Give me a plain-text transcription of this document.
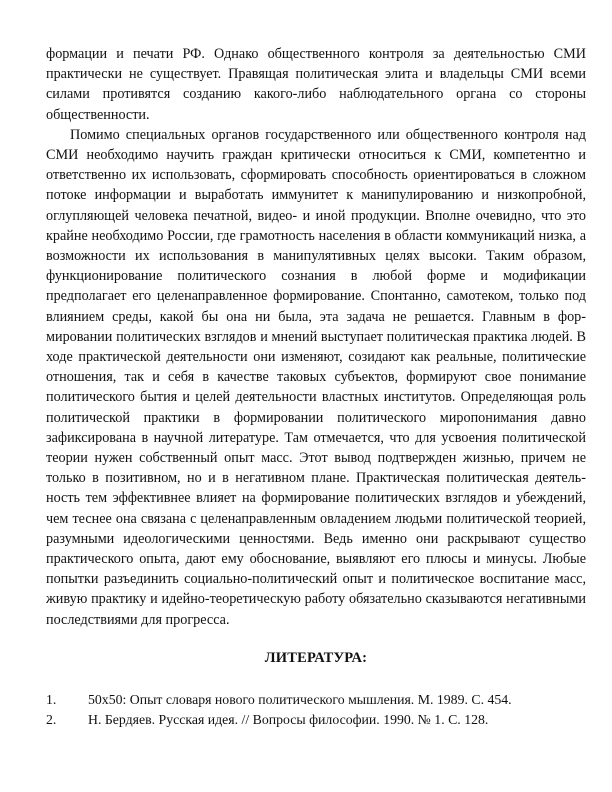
формации и печати РФ. Однако общественного контроля за деятельностью СМИ практически не существует. Правящая политическая элита и владельцы СМИ всеми силами противятся созданию какого-либо наблюдательного органа со стороны общественности.

Помимо специальных органов государственного или общественного контроля над СМИ необходимо научить граждан критически относиться к СМИ, компетентно и ответственно их использовать, сформировать способность ориентироваться в сложном потоке информации и выработать иммунитет к манипулированию и низкопробной, оглупляющей человека печатной, видео- и иной продукции. Вполне очевидно, что это крайне необходимо России, где грамотность населения в области коммуникаций низка, а возможности их использования в манипулятивных целях высоки. Таким образом, функционирование политического сознания в любой форме и модификации предполагает его целенаправленное формирование. Спонтанно, самотеком, только под влиянием среды, какой бы она ни была, эта задача не решается. Главным в формировании политических взглядов и мнений выступает политическая практика людей. В ходе практической деятельности они изменяют, созидают как реальные, политические отношения, так и себя в качестве таковых субъектов, формируют свое понимание политического бытия и целей деятельности властных институтов. Определяющая роль политической практики в формировании политического миропонимания давно зафиксирована в научной литературе. Там отмечается, что для усвоения политической теории нужен собственный опыт масс. Этот вывод подтвержден жизнью, причем не только в позитивном, но и в негативном плане. Практическая политическая деятельность тем эффективнее влияет на формирование политических взглядов и убеждений, чем теснее она связана с целенаправленным овладением людьми политической теорией, разумными идеологическими ценностями. Ведь именно они раскрывают существо практического опыта, дают ему обоснование, выявляют его плюсы и минусы. Любые попытки разъединить социально-политический опыт и политическое воспитание масс, живую практику и идейно-теоретическую работу обязательно сказываются негативными последствиями для прогресса.

ЛИТЕРАТУРА:
1.	50х50: Опыт словаря нового политического мышления. М. 1989. С. 454.
2.	Н. Бердяев. Русская идея. // Вопросы философии. 1990. № 1. С. 128.
